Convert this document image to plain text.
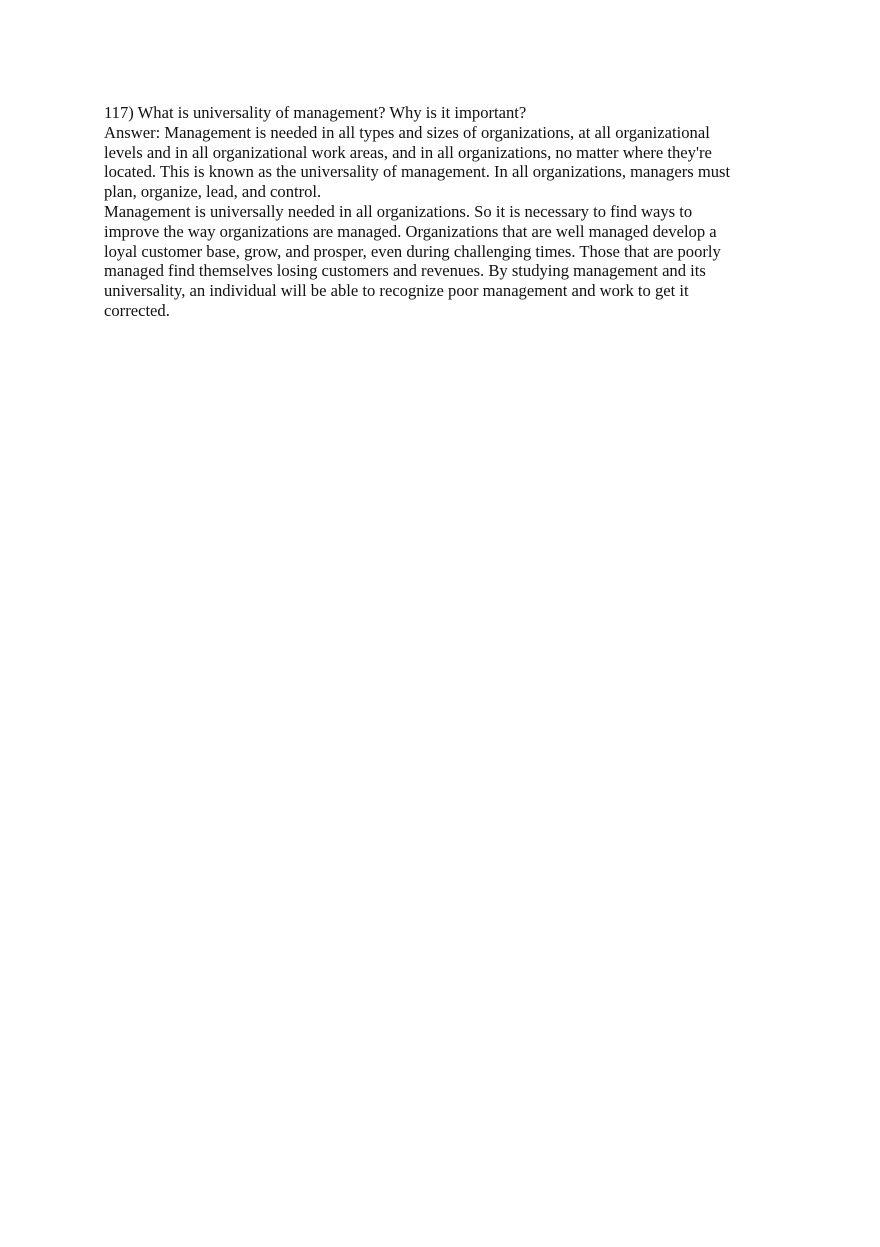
117) What is universality of management? Why is it important?
Answer: Management is needed in all types and sizes of organizations, at all organizational
levels and in all organizational work areas, and in all organizations, no matter where they're
located. This is known as the universality of management. In all organizations, managers must
plan, organize, lead, and control.
Management is universally needed in all organizations. So it is necessary to find ways to
improve the way organizations are managed. Organizations that are well managed develop a
loyal customer base, grow, and prosper, even during challenging times. Those that are poorly
managed find themselves losing customers and revenues. By studying management and its
universality, an individual will be able to recognize poor management and work to get it
corrected.
